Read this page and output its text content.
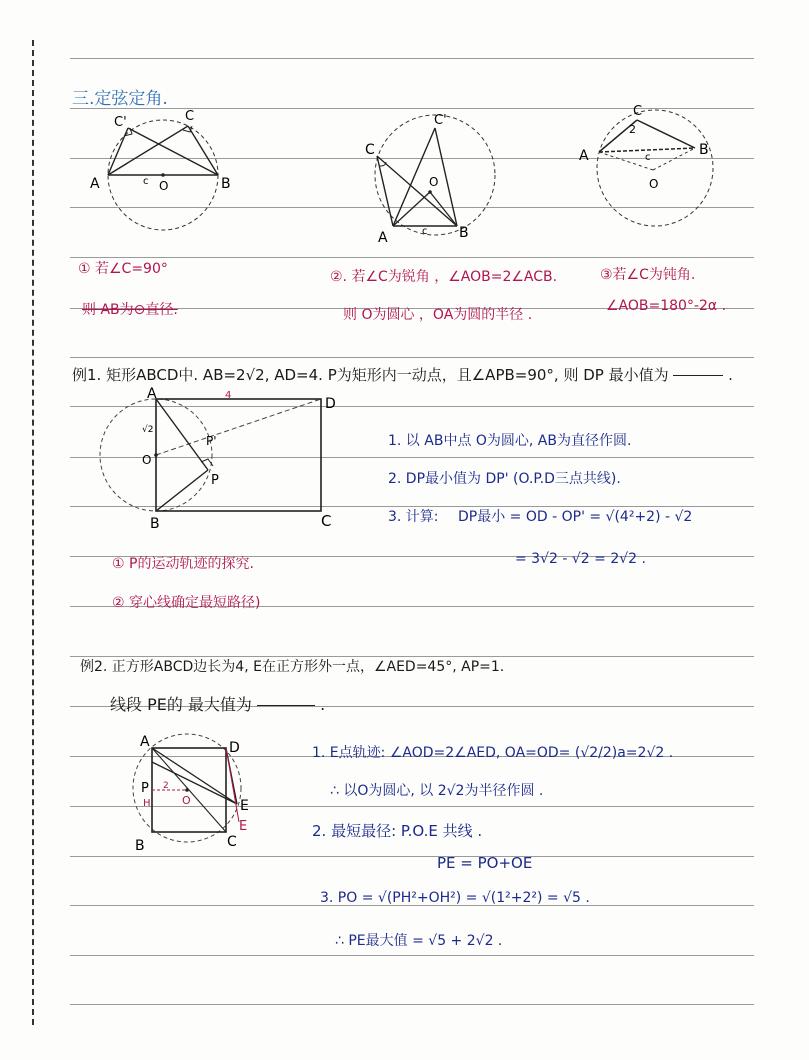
三.定弦定角.
C'	C
A	B
c O
C
C'
A	B
c
O
C
2
A	B
c
O
① 若∠C=90°
则 AB为⊙直径.
②. 若∠C为锐角 ，∠AOB=2∠ACB.
则 O为圆心 ，OA为圆的半径 .
③若∠C为钝角.
∠AOB=180°-2α .
例1. 矩形ABCD中. AB=2√2, AD=4. P为矩形内一动点，且∠APB=90°, 则 DP 最小值为	.
A
D
B	C
O
P
P'
4
√2
1. 以 AB中点 O为圆心, AB为直径作圆.
2. DP最小值为 DP' (O.P.D三点共线).
3. 计算: DP最小 = OD - OP' = √(4²+2) - √2
= 3√2 - √2 = 2√2 .
① P的运动轨迹的探究.
② 穿心线确定最短路径)
例2. 正方形ABCD边长为4, E在正方形外一点，∠AED=45°, AP=1.
线段 PE的 最大值为	.
A	D
B	C
E
E
P
H	O
2
1. E点轨迹: ∠AOD=2∠AED, OA=OD= (√2/2)a=2√2 .
∴ 以O为圆心, 以 2√2为半径作圆 .
2. 最短最径: P.O.E 共线 .
PE = PO+OE
3. PO = √(PH²+OH²) = √(1²+2²) = √5 .
∴ PE最大值 = √5 + 2√2 .
